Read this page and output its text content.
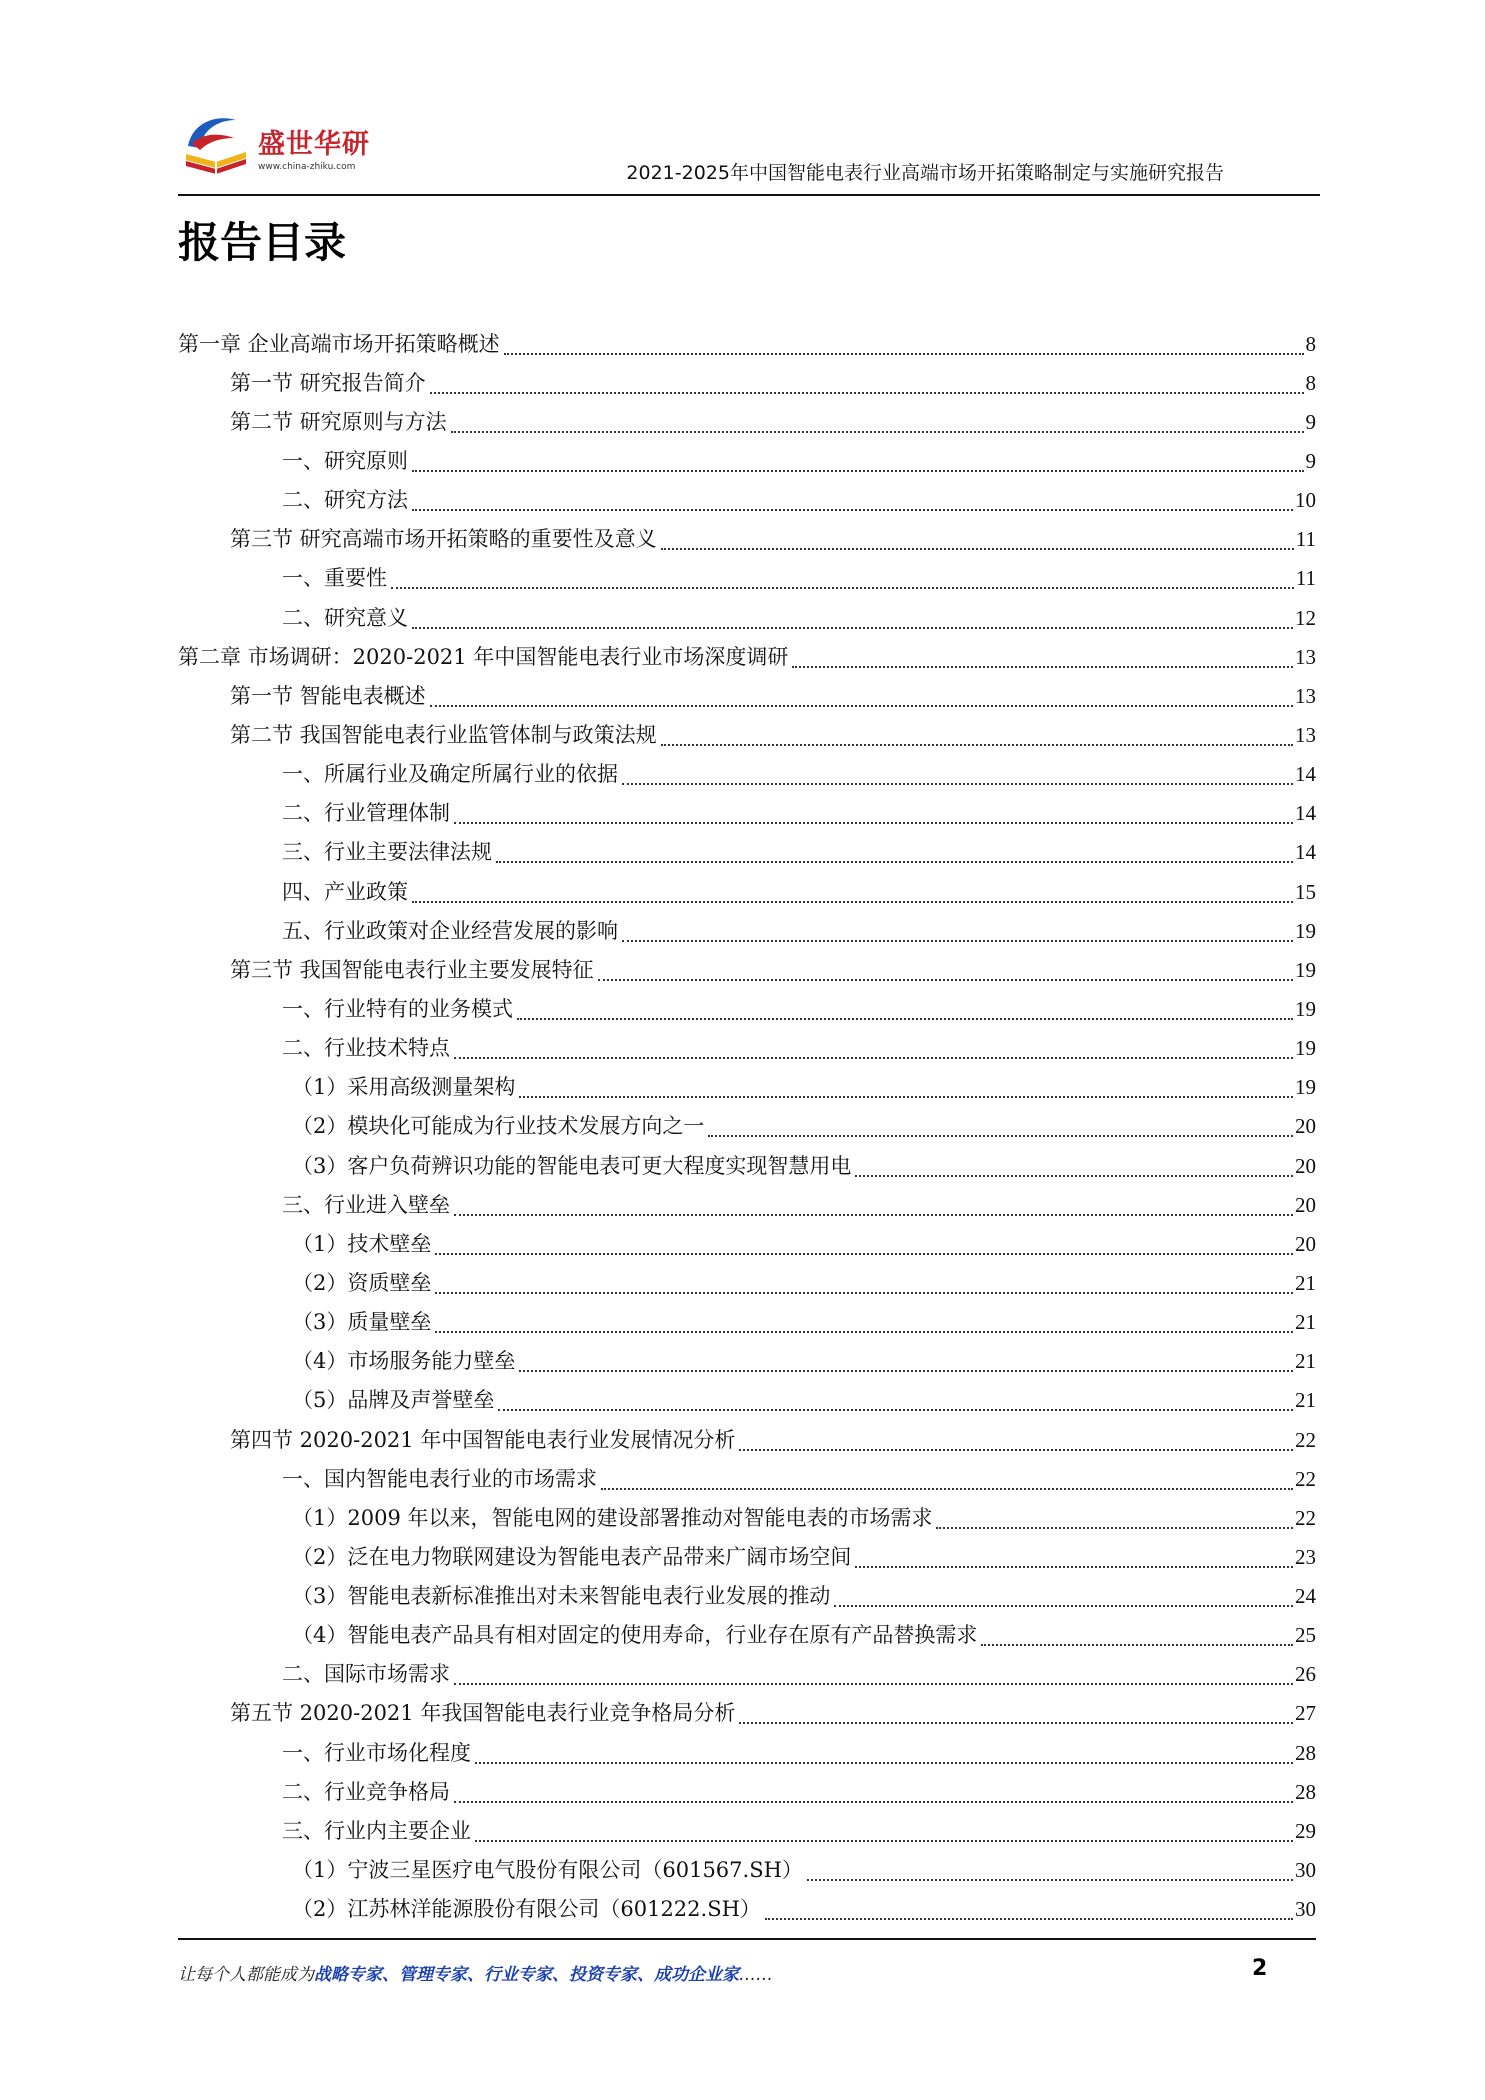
盛世华研
www.china-zhiku.com	2021-2025年中国智能电表行业高端市场开拓策略制定与实施研究报告
报告目录
第一章 企业高端市场开拓策略概述	8
第一节 研究报告简介	8
第二节 研究原则与方法	9
一、研究原则	9
二、研究方法	10
第三节 研究高端市场开拓策略的重要性及意义	11
一、重要性	11
二、研究意义	12
第二章 市场调研：2020-2021 年中国智能电表行业市场深度调研	13
第一节 智能电表概述	13
第二节 我国智能电表行业监管体制与政策法规	13
一、所属行业及确定所属行业的依据	14
二、行业管理体制	14
三、行业主要法律法规	14
四、产业政策	15
五、行业政策对企业经营发展的影响	19
第三节 我国智能电表行业主要发展特征	19
一、行业特有的业务模式	19
二、行业技术特点	19
（1）采用高级测量架构	19
（2）模块化可能成为行业技术发展方向之一	20
（3）客户负荷辨识功能的智能电表可更大程度实现智慧用电	20
三、行业进入壁垒	20
（1）技术壁垒	20
（2）资质壁垒	21
（3）质量壁垒	21
（4）市场服务能力壁垒	21
（5）品牌及声誉壁垒	21
第四节 2020-2021 年中国智能电表行业发展情况分析	22
一、国内智能电表行业的市场需求	22
（1）2009 年以来，智能电网的建设部署推动对智能电表的市场需求	22
（2）泛在电力物联网建设为智能电表产品带来广阔市场空间	23
（3）智能电表新标准推出对未来智能电表行业发展的推动	24
（4）智能电表产品具有相对固定的使用寿命，行业存在原有产品替换需求	25
二、国际市场需求	26
第五节 2020-2021 年我国智能电表行业竞争格局分析	27
一、行业市场化程度	28
二、行业竞争格局	28
三、行业内主要企业	29
（1）宁波三星医疗电气股份有限公司（601567.SH）	30
（2）江苏林洋能源股份有限公司（601222.SH）	30
让每个人都能成为战略专家、管理专家、行业专家、投资专家、成功企业家……	2
